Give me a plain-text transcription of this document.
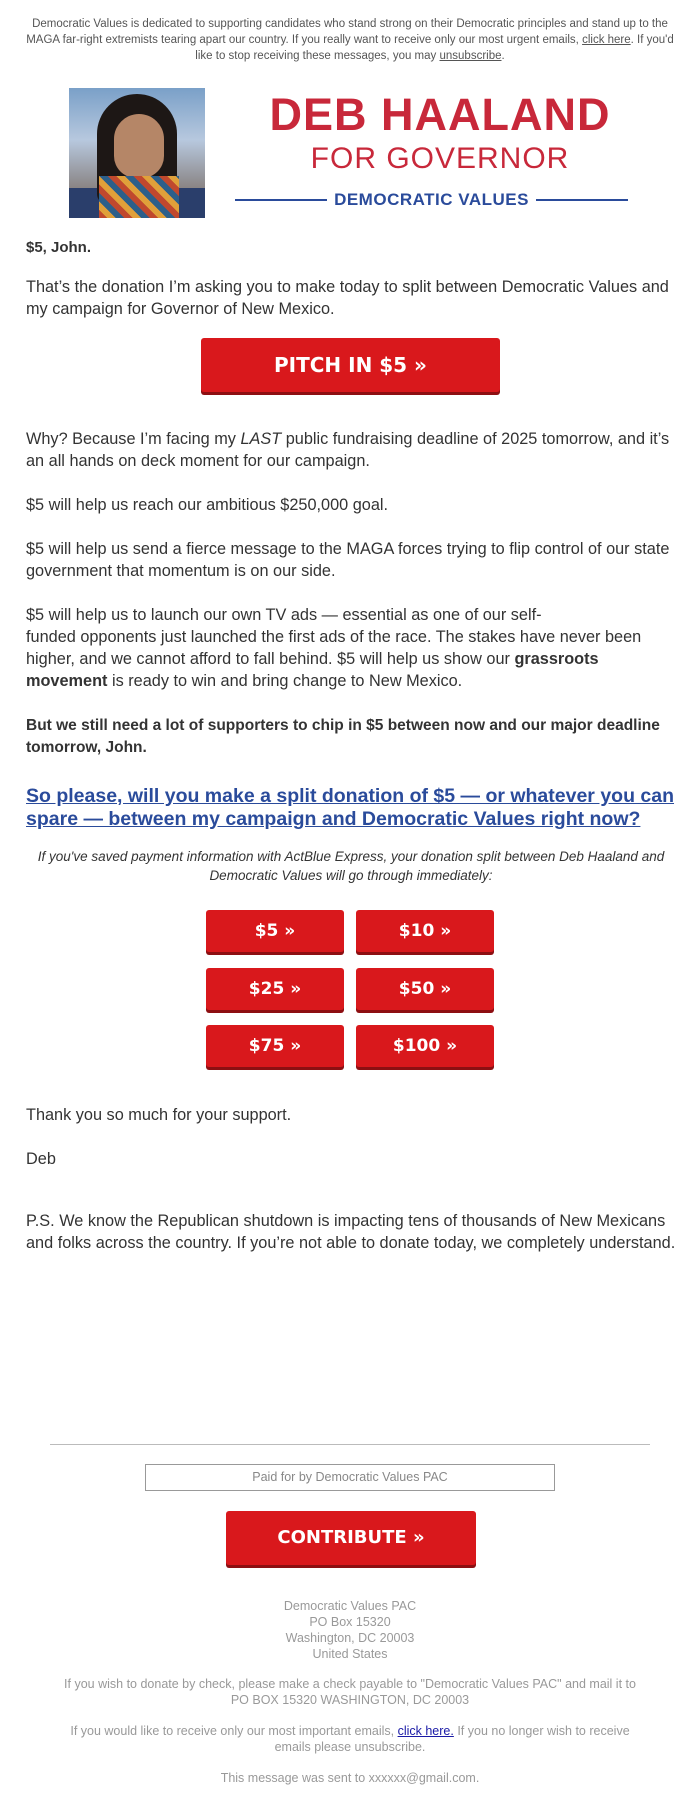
Democratic Values is dedicated to supporting candidates who stand strong on their Democratic principles and stand up to the MAGA far-right extremists tearing apart our country. If you really want to receive only our most urgent emails, click here. If you'd like to stop receiving these messages, you may unsubscribe.
DEB HAALAND
FOR GOVERNOR
DEMOCRATIC VALUES

$5, John.

That’s the donation I’m asking you to make today to split between Democratic Values and my campaign for Governor of New Mexico.

PITCH IN $5 »

Why? Because I’m facing my LAST public fundraising deadline of 2025 tomorrow, and it’s an all hands on deck moment for our campaign.

$5 will help us reach our ambitious $250,000 goal.

$5 will help us send a fierce message to the MAGA forces trying to flip control of our state government that momentum is on our side.

$5 will help us to launch our own TV ads — essential as one of our self-
funded opponents just launched the first ads of the race. The stakes have never been higher, and we cannot afford to fall behind. $5 will help us show our grassroots movement is ready to win and bring change to New Mexico.

But we still need a lot of supporters to chip in $5 between now and our major deadline tomorrow, John.

So please, will you make a split donation of $5 — or whatever you can spare — between my campaign and Democratic Values right now?
If you've saved payment information with ActBlue Express, your donation split between Deb Haaland and Democratic Values will go through immediately:
$5 »	$10 »
$25 »	$50 »
$75 »	$100 »

Thank you so much for your support.

Deb

P.S. We know the Republican shutdown is impacting tens of thousands of New Mexicans and folks across the country. If you’re not able to donate today, we completely understand.

Paid for by Democratic Values PAC
CONTRIBUTE »
Democratic Values PAC
PO Box 15320
Washington, DC 20003
United States
If you wish to donate by check, please make a check payable to "Democratic Values PAC" and mail it to PO BOX 15320 WASHINGTON, DC 20003
If you would like to receive only our most important emails, click here. If you no longer wish to receive emails please unsubscribe.
This message was sent to xxxxxx@gmail.com.
